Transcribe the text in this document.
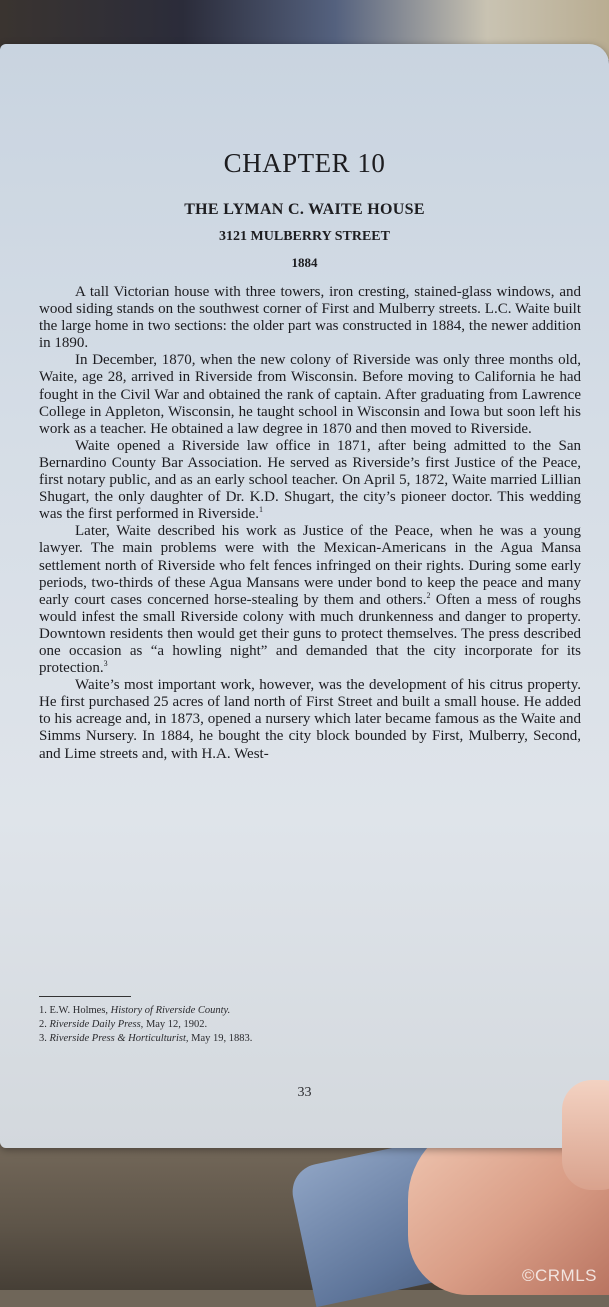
CHAPTER 10
THE LYMAN C. WAITE HOUSE
3121 MULBERRY STREET
1884

A tall Victorian house with three towers, iron cresting, stained-glass windows, and wood siding stands on the southwest corner of First and Mulberry streets. L.C. Waite built the large home in two sections: the older part was constructed in 1884, the newer addition in 1890.

In December, 1870, when the new colony of Riverside was only three months old, Waite, age 28, arrived in Riverside from Wisconsin. Before moving to California he had fought in the Civil War and obtained the rank of captain. After graduating from Lawrence College in Appleton, Wisconsin, he taught school in Wisconsin and Iowa but soon left his work as a teacher. He obtained a law degree in 1870 and then moved to Riverside.

Waite opened a Riverside law office in 1871, after being admitted to the San Bernardino County Bar Association. He served as Riverside’s first Justice of the Peace, first notary public, and as an early school teacher. On April 5, 1872, Waite married Lillian Shugart, the only daughter of Dr. K.D. Shugart, the city’s pioneer doctor. This wedding was the first performed in Riverside.$^1$

Later, Waite described his work as Justice of the Peace, when he was a young lawyer. The main problems were with the Mexican-Americans in the Agua Mansa settlement north of Riverside who felt fences infringed on their rights. During some early periods, two-thirds of these Agua Mansans were under bond to keep the peace and many early court cases concerned horse-stealing by them and others.$^2$ Often a mess of roughs would infest the small Riverside colony with much drunkenness and danger to property. Downtown residents then would get their guns to protect themselves. The press described one occasion as “a howling night” and demanded that the city incorporate for its protection.$^3$

Waite’s most important work, however, was the development of his citrus property. He first purchased 25 acres of land north of First Street and built a small house. He added to his acreage and, in 1873, opened a nursery which later became famous as the Waite and Simms Nursery. In 1884, he bought the city block bounded by First, Mulberry, Second, and Lime streets and, with H.A. West-

1. E.W. Holmes, History of Riverside County.
2. Riverside Daily Press, May 12, 1902.
3. Riverside Press & Horticulturist, May 19, 1883.
33
©CRMLS
